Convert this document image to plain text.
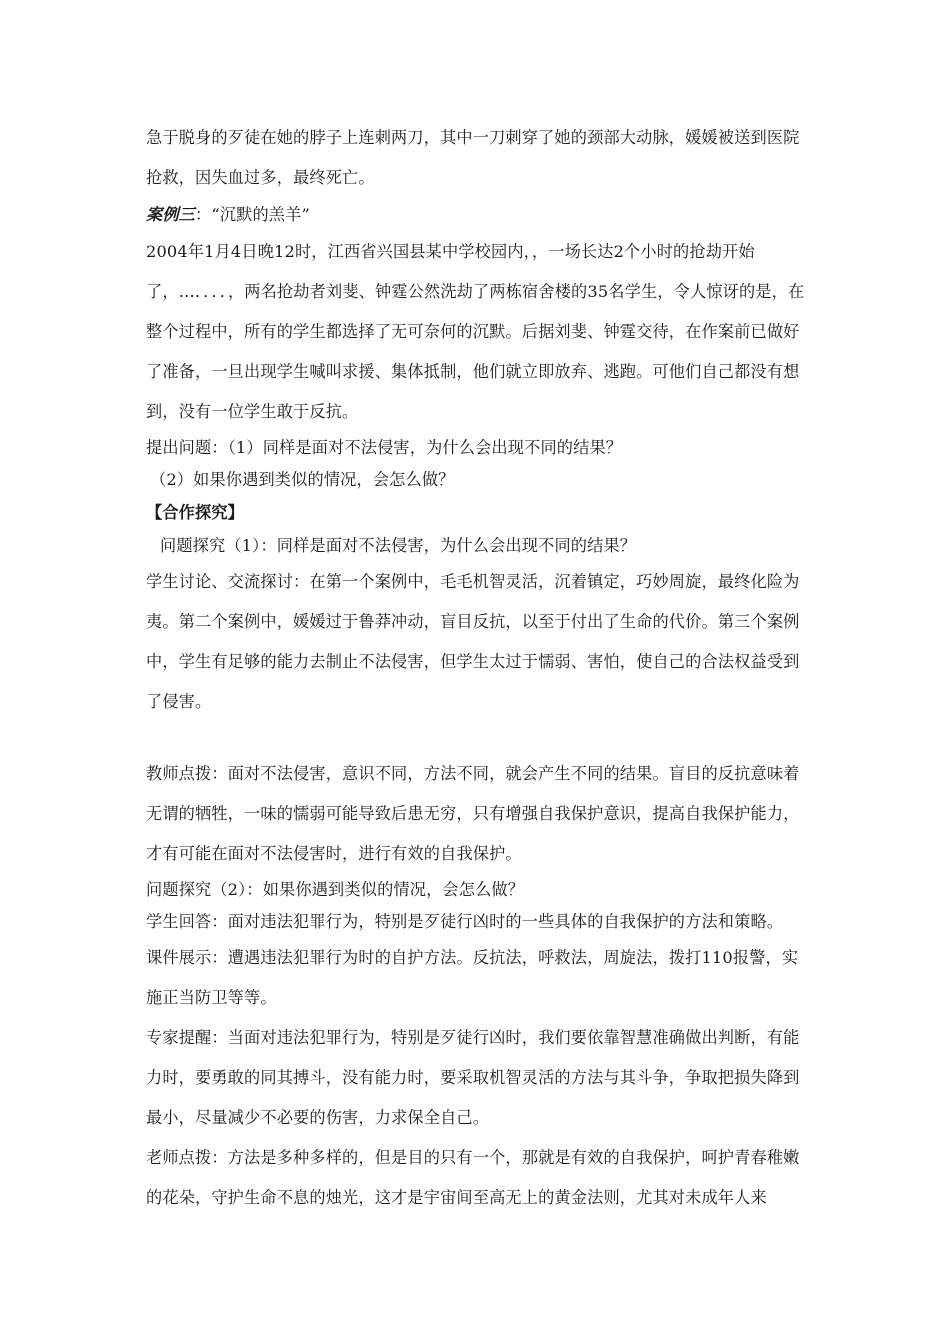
急于脱身的歹徒在她的脖子上连刺两刀，其中一刀刺穿了她的颈部大动脉，媛媛被送到医院抢救，因失血过多，最终死亡。

案例三：“沉默的羔羊”

2004年1月4日晚12时，江西省兴国县某中学校园内，，一场长达2个小时的抢劫开始了，…．．．．，两名抢劫者刘斐、钟霆公然洗劫了两栋宿舍楼的35名学生，令人惊讶的是，在整个过程中，所有的学生都选择了无可奈何的沉默。后据刘斐、钟霆交待，在作案前已做好了准备，一旦出现学生喊叫求援、集体抵制，他们就立即放弃、逃跑。可他们自己都没有想到，没有一位学生敢于反抗。

提出问题：（1）同样是面对不法侵害，为什么会出现不同的结果？

（2）如果你遇到类似的情况，会怎么做？

【合作探究】

问题探究（1）：同样是面对不法侵害，为什么会出现不同的结果？

学生讨论、交流探讨：在第一个案例中，毛毛机智灵活，沉着镇定，巧妙周旋，最终化险为夷。第二个案例中，媛媛过于鲁莽冲动，盲目反抗，以至于付出了生命的代价。第三个案例中，学生有足够的能力去制止不法侵害，但学生太过于懦弱、害怕，使自己的合法权益受到了侵害。

教师点拨：面对不法侵害，意识不同，方法不同，就会产生不同的结果。盲目的反抗意味着无谓的牺牲，一味的懦弱可能导致后患无穷，只有增强自我保护意识，提高自我保护能力，才有可能在面对不法侵害时，进行有效的自我保护。

问题探究（2）：如果你遇到类似的情况，会怎么做？

学生回答：面对违法犯罪行为，特别是歹徒行凶时的一些具体的自我保护的方法和策略。

课件展示：遭遇违法犯罪行为时的自护方法。反抗法，呼救法，周旋法，拨打110报警，实施正当防卫等等。

专家提醒：当面对违法犯罪行为，特别是歹徒行凶时，我们要依靠智慧准确做出判断，有能力时，要勇敢的同其搏斗，没有能力时，要采取机智灵活的方法与其斗争，争取把损失降到最小，尽量减少不必要的伤害，力求保全自己。

老师点拨：方法是多种多样的，但是目的只有一个，那就是有效的自我保护，呵护青春稚嫩的花朵，守护生命不息的烛光，这才是宇宙间至高无上的黄金法则，尤其对未成年人来
